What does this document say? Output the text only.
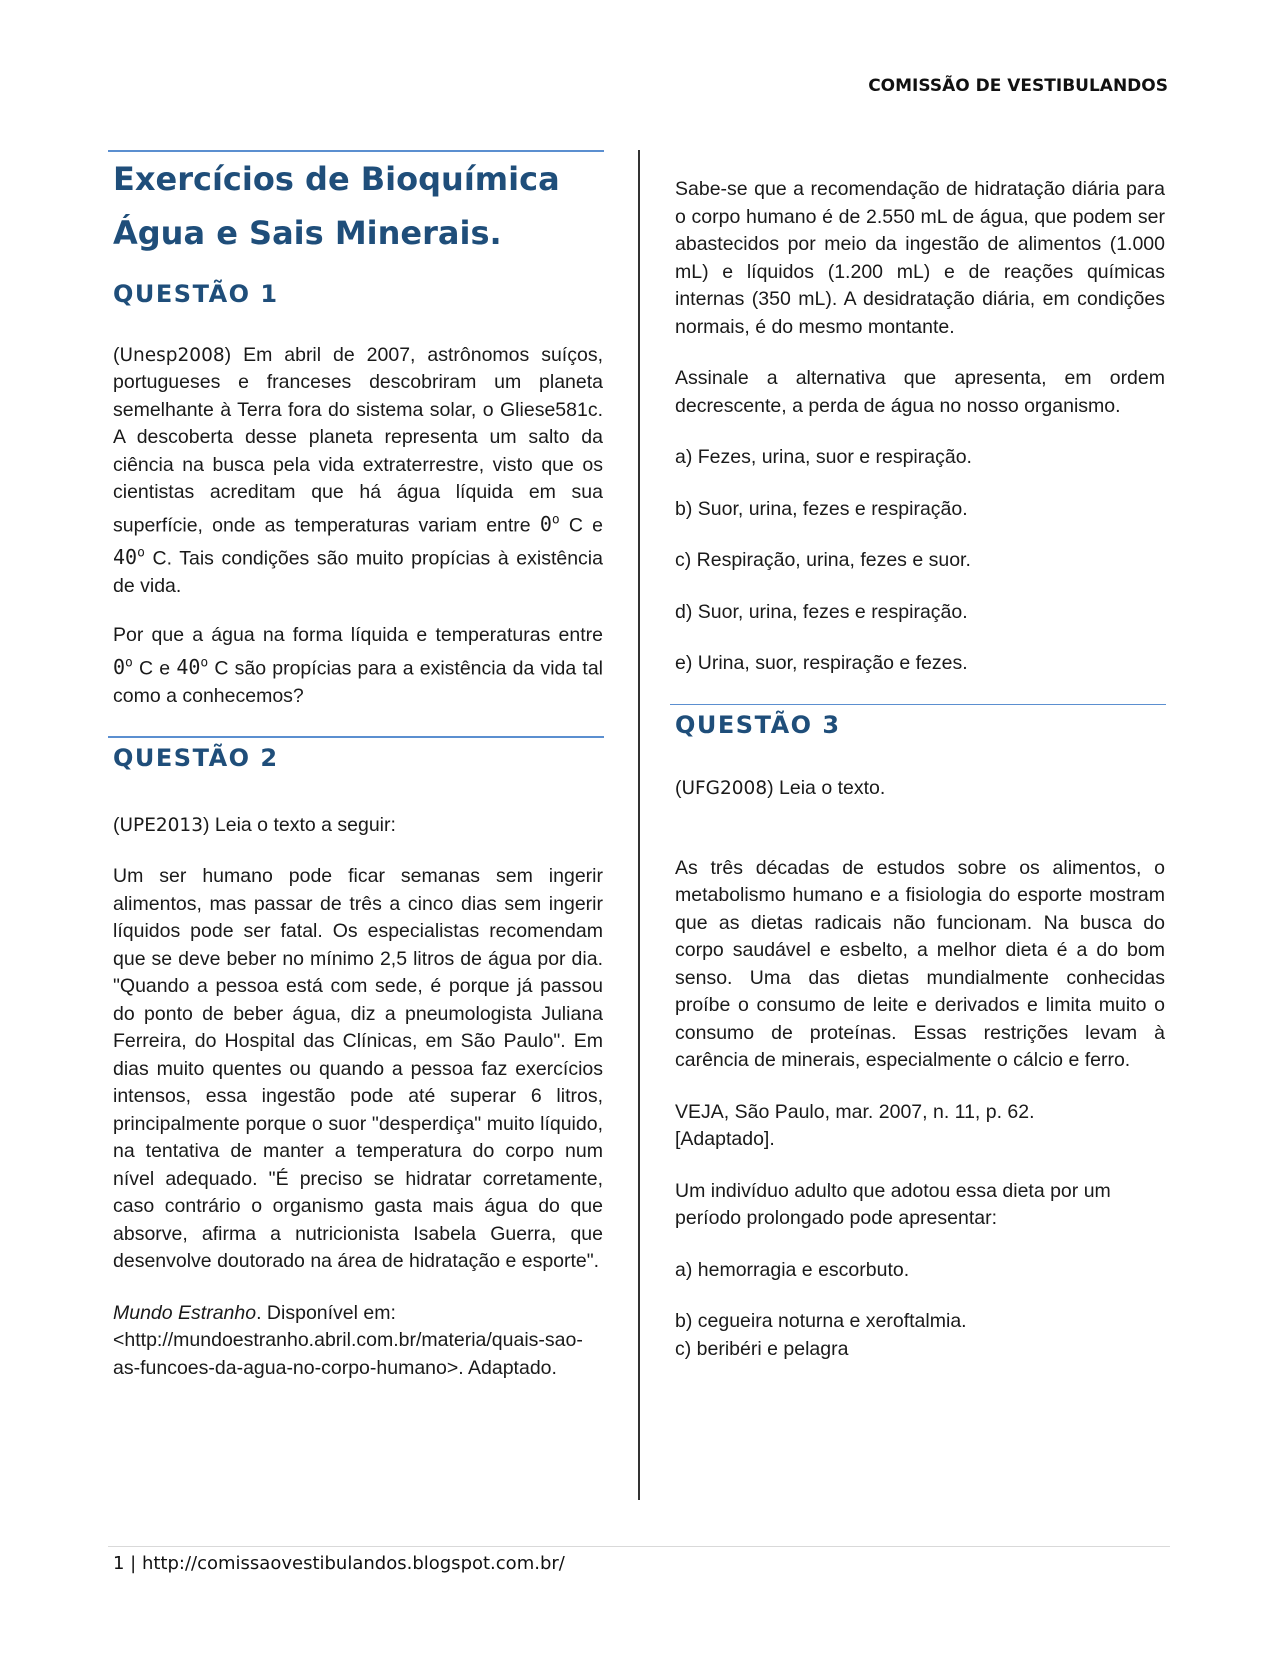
COMISSÃO DE VESTIBULANDOS
Exercícios de Bioquímica
Água e Sais Minerais.
QUESTÃO 1

(Unesp2008) Em abril de 2007, astrônomos suíços, portugueses e franceses descobriram um planeta semelhante à Terra fora do sistema solar, o Gliese581c. A descoberta desse planeta representa um salto da ciência na busca pela vida extraterrestre, visto que os cientistas acreditam que há água líquida em sua superfície, onde as temperaturas variam entre 0$^o$ C e 40$^o$ C. Tais condições são muito propícias à existência de vida.

Por que a água na forma líquida e temperaturas entre 0$^o$ C e 40$^o$ C são propícias para a existência da vida tal como a conhecemos?

QUESTÃO 2

(UPE2013) Leia o texto a seguir:

Um ser humano pode ficar semanas sem ingerir alimentos, mas passar de três a cinco dias sem ingerir líquidos pode ser fatal. Os especialistas recomendam que se deve beber no mínimo 2,5 litros de água por dia. "Quando a pessoa está com sede, é porque já passou do ponto de beber água, diz a pneumologista Juliana Ferreira, do Hospital das Clínicas, em São Paulo". Em dias muito quentes ou quando a pessoa faz exercícios intensos, essa ingestão pode até superar 6 litros, principalmente porque o suor "desperdiça" muito líquido, na tentativa de manter a temperatura do corpo num nível adequado. "É preciso se hidratar corretamente, caso contrário o organismo gasta mais água do que absorve, afirma a nutricionista Isabela Guerra, que desenvolve doutorado na área de hidratação e esporte".

Mundo Estranho. Disponível em: <http://mundoestranho.abril.com.br/materia/quais-sao-as-funcoes-da-agua-no-corpo-humano>. Adaptado.

Sabe-se que a recomendação de hidratação diária para o corpo humano é de 2.550 mL de água, que podem ser abastecidos por meio da ingestão de alimentos (1.000 mL) e líquidos (1.200 mL) e de reações químicas internas (350 mL). A desidratação diária, em condições normais, é do mesmo montante.

Assinale a alternativa que apresenta, em ordem decrescente, a perda de água no nosso organismo.

a) Fezes, urina, suor e respiração.

b) Suor, urina, fezes e respiração.

c) Respiração, urina, fezes e suor.

d) Suor, urina, fezes e respiração.

e) Urina, suor, respiração e fezes.

QUESTÃO 3

(UFG2008) Leia o texto.

As três décadas de estudos sobre os alimentos, o metabolismo humano e a fisiologia do esporte mostram que as dietas radicais não funcionam. Na busca do corpo saudável e esbelto, a melhor dieta é a do bom senso. Uma das dietas mundialmente conhecidas proíbe o consumo de leite e derivados e limita muito o consumo de proteínas. Essas restrições levam à carência de minerais, especialmente o cálcio e ferro.

VEJA, São Paulo, mar. 2007, n. 11, p. 62.
[Adaptado].

Um indivíduo adulto que adotou essa dieta por um período prolongado pode apresentar:

a) hemorragia e escorbuto.

b) cegueira noturna e xeroftalmia.

c) beribéri e pelagra

1 | http://comissaovestibulandos.blogspot.com.br/
